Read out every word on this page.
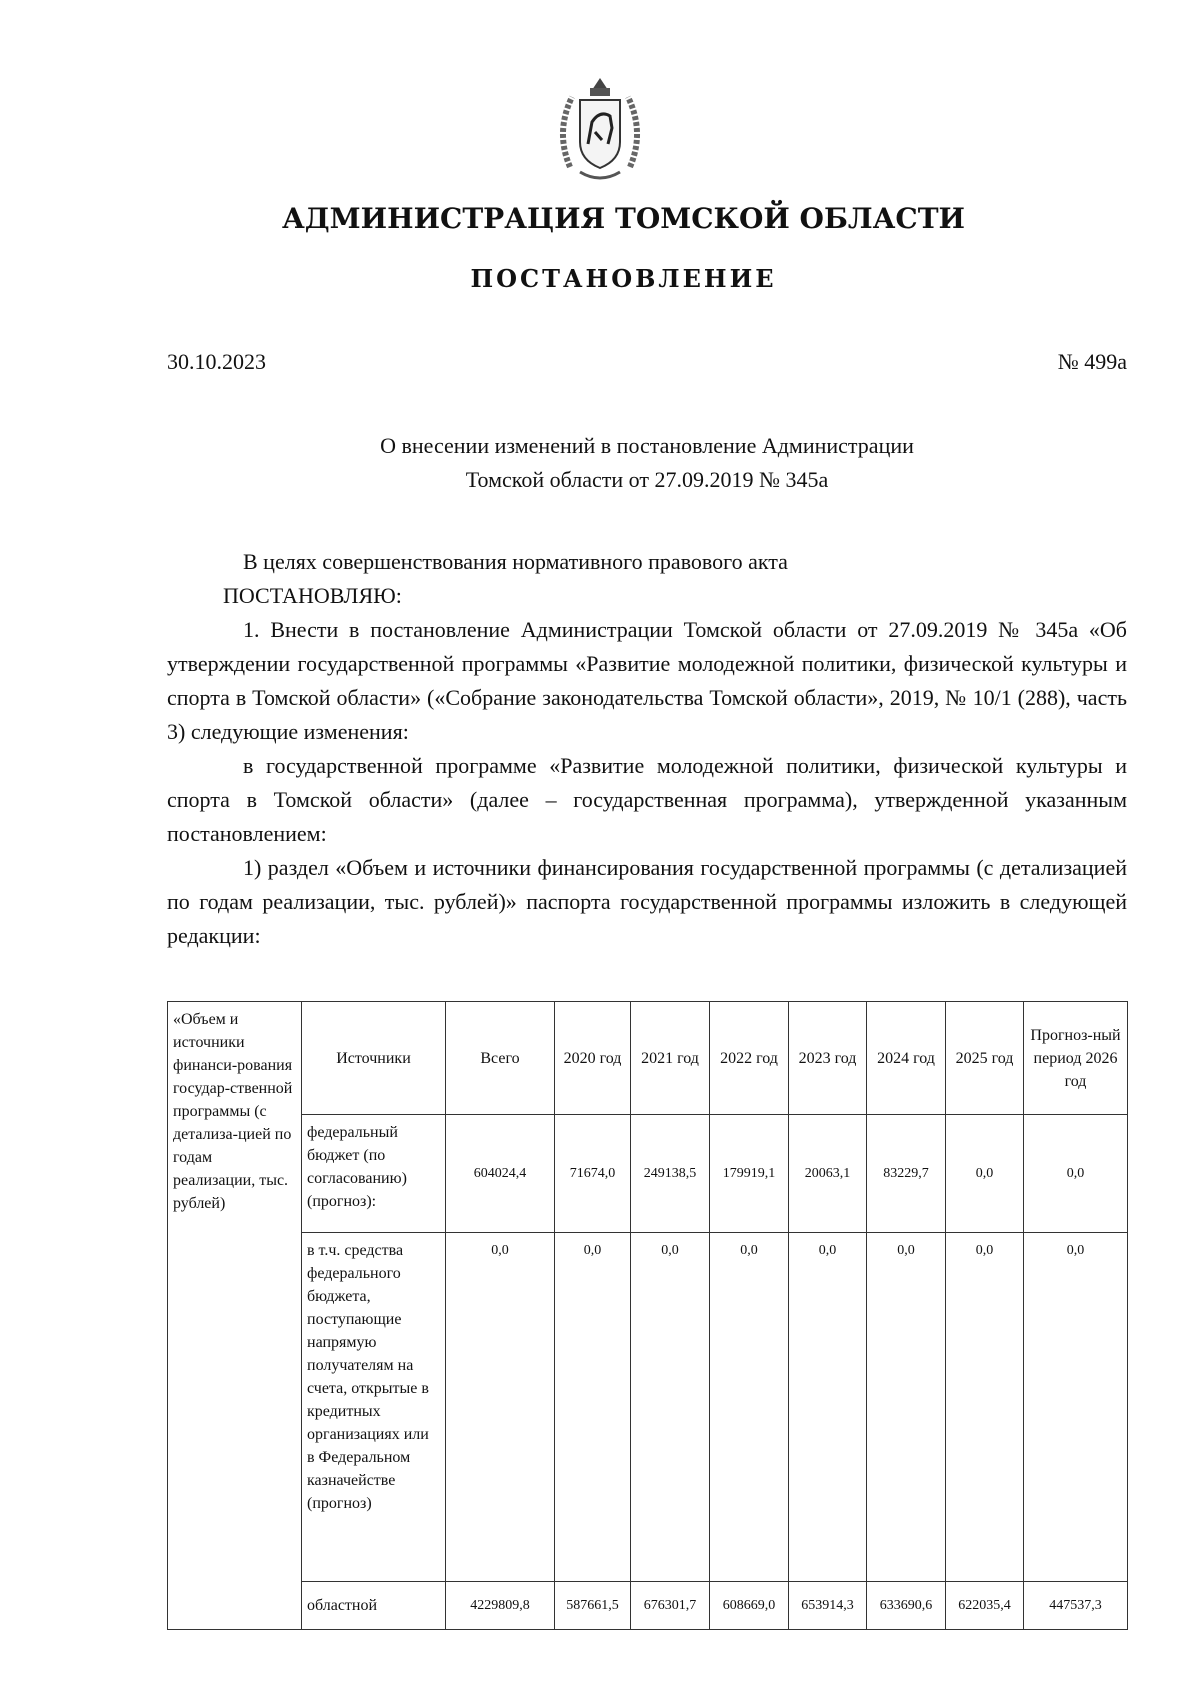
АДМИНИСТРАЦИЯ ТОМСКОЙ ОБЛАСТИ
ПОСТАНОВЛЕНИЕ
30.10.2023	№ 499а
О внесении изменений в постановление Администрации
Томской области от 27.09.2019 № 345а

В целях совершенствования нормативного правового акта

ПОСТАНОВЛЯЮ:

1. Внести в постановление Администрации Томской области от 27.09.2019 № 345а «Об утверждении государственной программы «Развитие молодежной политики, физической культуры и спорта в Томской области» («Собрание законодательства Томской области», 2019, № 10/1 (288), часть 3) следующие изменения:

в государственной программе «Развитие молодежной политики, физической культуры и спорта в Томской области» (далее – государственная программа), утвержденной указанным постановлением:

1) раздел «Объем и источники финансирования государственной программы (с детализацией по годам реализации, тыс. рублей)» паспорта государственной программы изложить в следующей редакции:

«Объем и источники финанси-рования государ-ственной программы (с детализа-цией по годам реализации, тыс. рублей)	Источники	Всего	2020 год	2021 год	2022 год	2023 год	2024 год	2025 год	Прогноз-ный период 2026 год
	федеральный бюджет (по согласованию) (прогноз):	604024,4	71674,0	249138,5	179919,1	20063,1	83229,7	0,0	0,0
	в т.ч. средства федерального бюджета, поступающие напрямую получателям на счета, открытые в кредитных организациях или в Федеральном казначействе (прогноз)	0,0	0,0	0,0	0,0	0,0	0,0	0,0	0,0
	областной	4229809,8	587661,5	676301,7	608669,0	653914,3	633690,6	622035,4	447537,3
